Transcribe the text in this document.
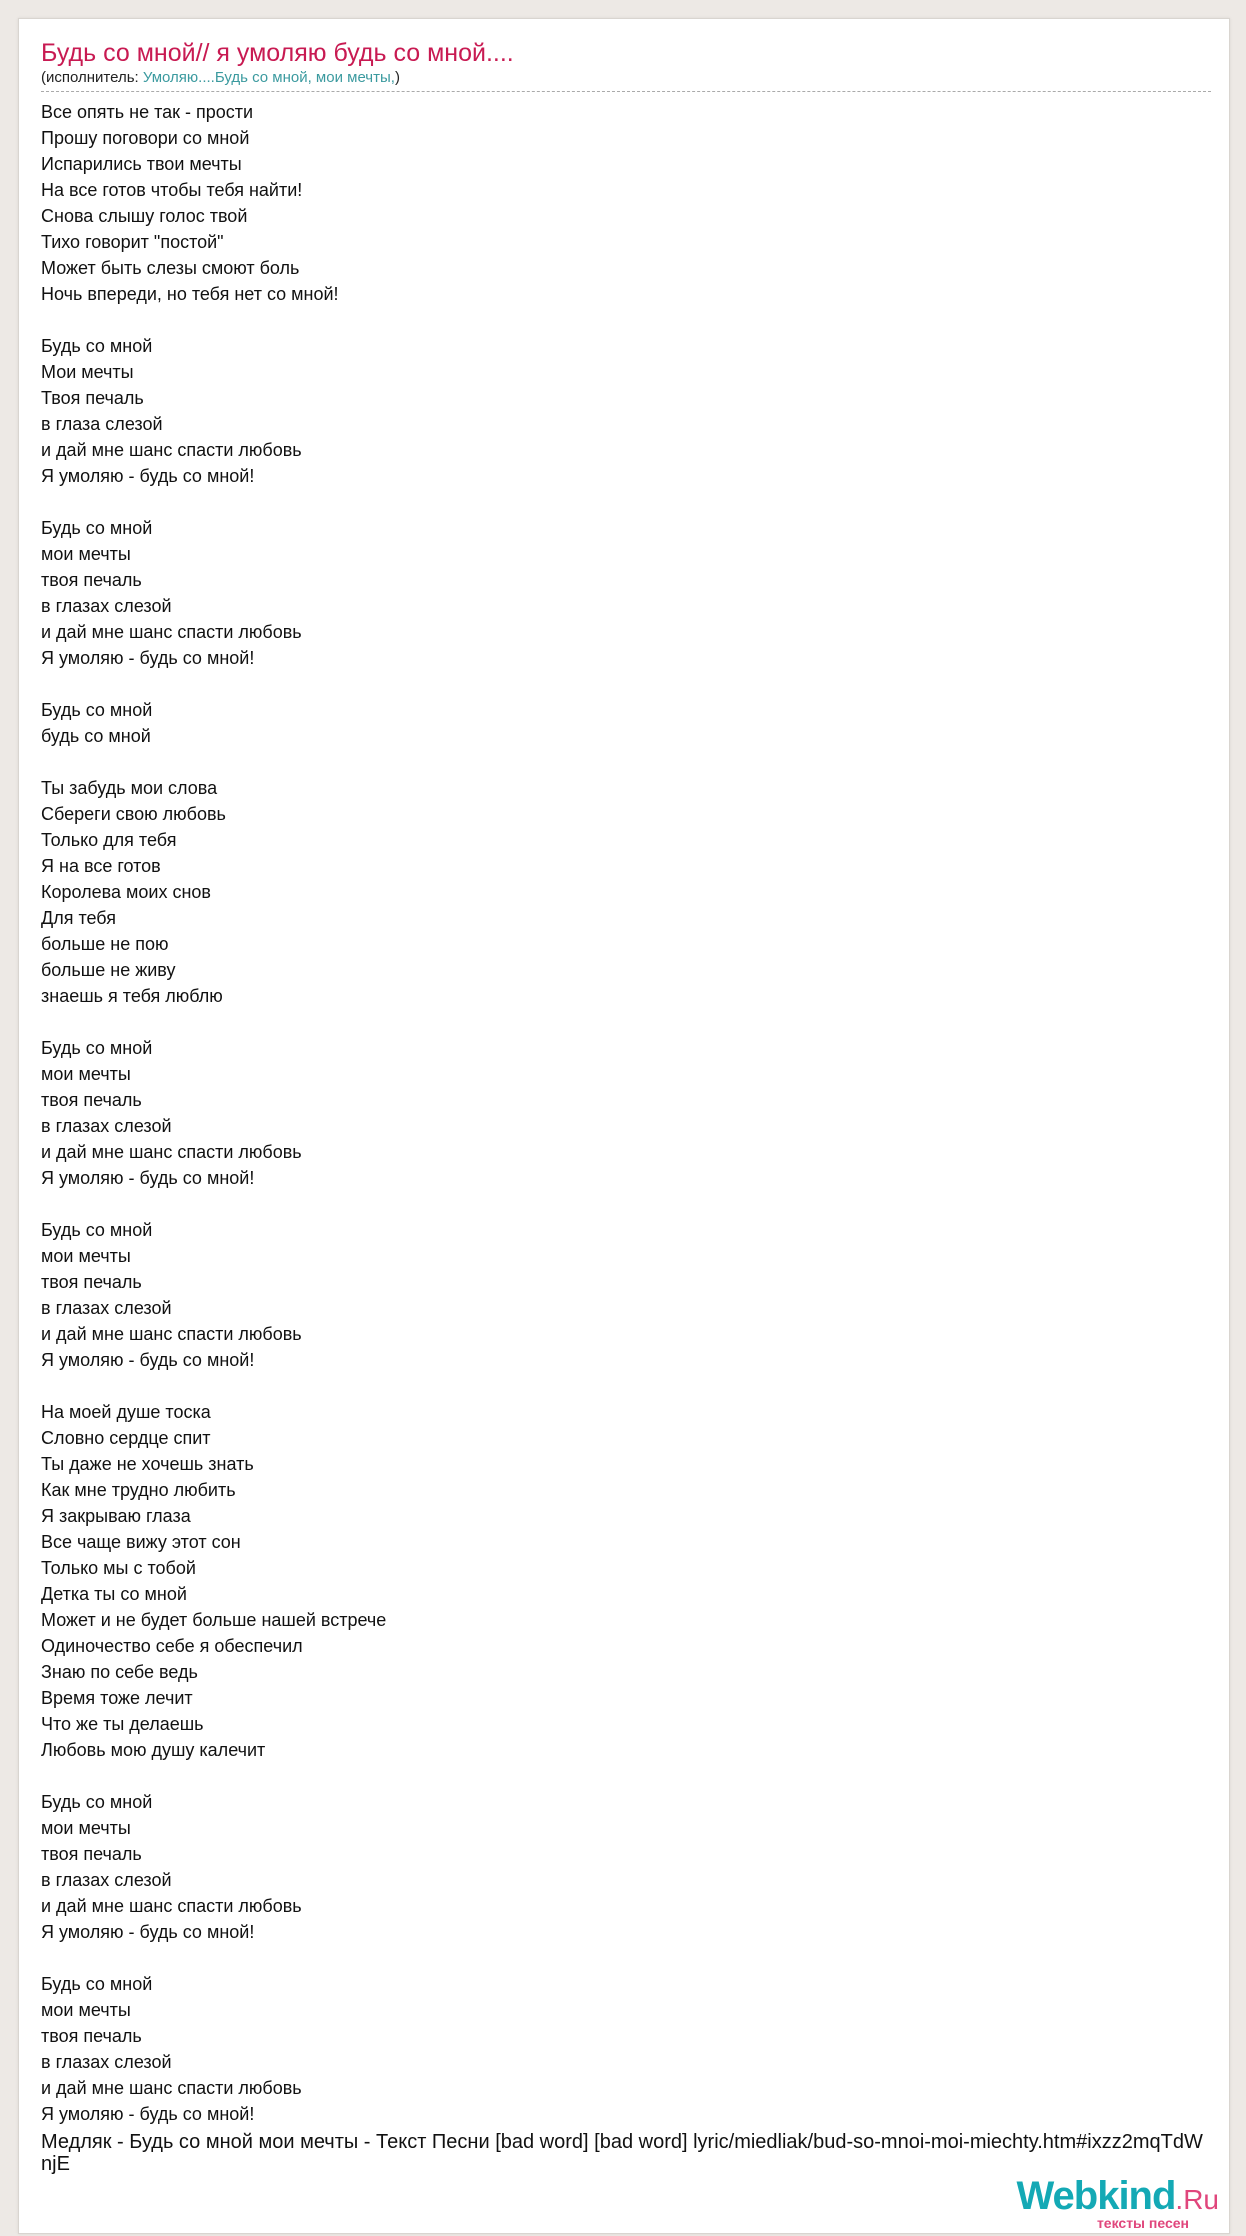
Будь со мной// я умоляю будь со мной....
(исполнитель: Умоляю....Будь со мной, мои мечты,)
Все опять не так - прости
Прошу поговори со мной
Испарились твои мечты
На все готов чтобы тебя найти!
Снова слышу голос твой
Тихо говорит "постой"
Может быть слезы смоют боль
Ночь впереди, но тебя нет со мной!
Будь со мной
Мои мечты
Твоя печаль
в глаза слезой
и дай мне шанс спасти любовь
Я умоляю - будь со мной!
Будь со мной
мои мечты
твоя печаль
в глазах слезой
и дай мне шанс спасти любовь
Я умоляю - будь со мной!
Будь со мной
будь со мной
Ты забудь мои слова
Сбереги свою любовь
Только для тебя
Я на все готов
Королева моих снов
Для тебя
больше не пою
больше не живу
знаешь я тебя люблю
Будь со мной
мои мечты
твоя печаль
в глазах слезой
и дай мне шанс спасти любовь
Я умоляю - будь со мной!
Будь со мной
мои мечты
твоя печаль
в глазах слезой
и дай мне шанс спасти любовь
Я умоляю - будь со мной!
На моей душе тоска
Словно сердце спит
Ты даже не хочешь знать
Как мне трудно любить
Я закрываю глаза
Все чаще вижу этот сон
Только мы с тобой
Детка ты со мной
Может и не будет больше нашей встрече
Одиночество себе я обеспечил
Знаю по себе ведь
Время тоже лечит
Что же ты делаешь
Любовь мою душу калечит
Будь со мной
мои мечты
твоя печаль
в глазах слезой
и дай мне шанс спасти любовь
Я умоляю - будь со мной!
Будь со мной
мои мечты
твоя печаль
в глазах слезой
и дай мне шанс спасти любовь
Я умоляю - будь со мной!
Медляк - Будь со мной мои мечты - Текст Песни [bad word] [bad word] lyric/miedliak/bud-so-mnoi-moi-miechty.htm#ixzz2mqTdWnjE
Webkind.Ru
тексты песен
